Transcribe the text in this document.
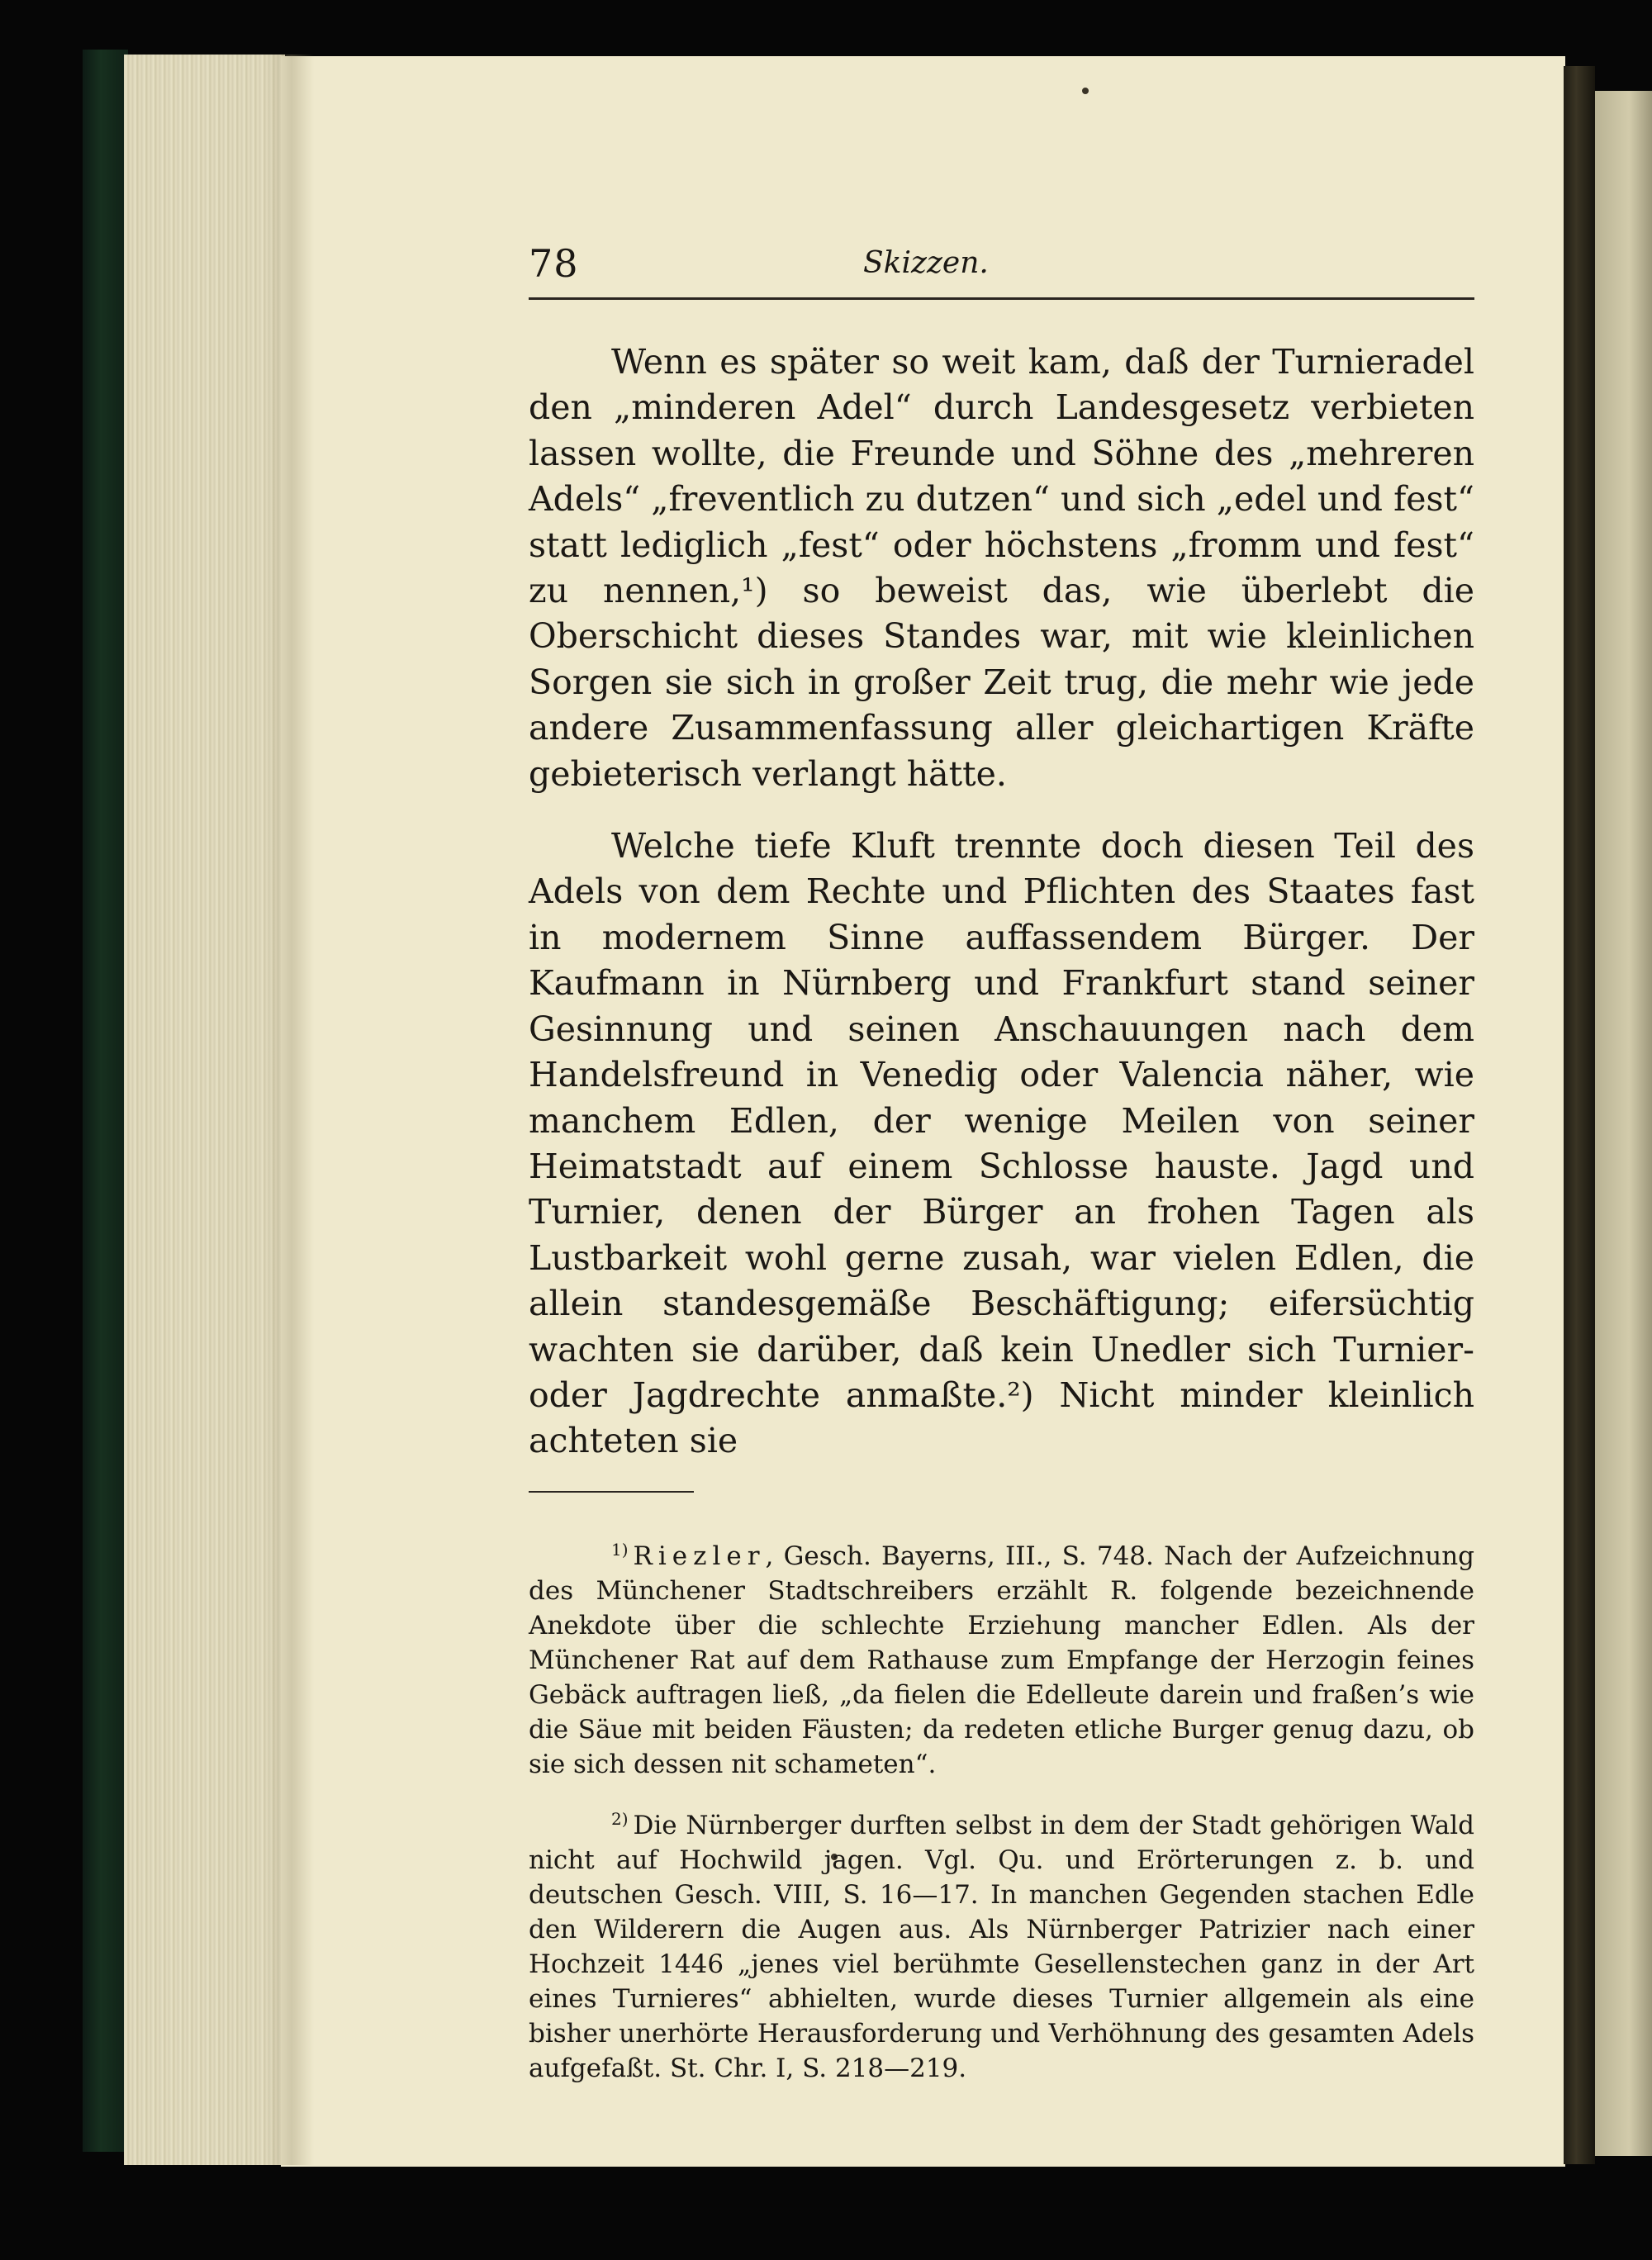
78	Skizzen.

Wenn es später so weit kam, daß der Turnieradel den „minderen Adel“ durch Landesgesetz verbieten lassen wollte, die Freunde und Söhne des „mehreren Adels“ „freventlich zu dutzen“ und sich „edel und fest“ statt lediglich „fest“ oder höchstens „fromm und fest“ zu nennen,¹) so beweist das, wie überlebt die Oberschicht dieses Standes war, mit wie kleinlichen Sorgen sie sich in großer Zeit trug, die mehr wie jede andere Zusammenfassung aller gleichartigen Kräfte gebieterisch verlangt hätte.

Welche tiefe Kluft trennte doch diesen Teil des Adels von dem Rechte und Pflichten des Staates fast in modernem Sinne auffassendem Bürger. Der Kaufmann in Nürnberg und Frankfurt stand seiner Gesinnung und seinen Anschauungen nach dem Handelsfreund in Venedig oder Valencia näher, wie manchem Edlen, der wenige Meilen von seiner Heimatstadt auf einem Schlosse hauste. Jagd und Turnier, denen der Bürger an frohen Tagen als Lustbarkeit wohl gerne zusah, war vielen Edlen, die allein standesgemäße Beschäftigung; eifersüchtig wachten sie darüber, daß kein Unedler sich Turnier- oder Jagdrechte anmaßte.²) Nicht minder kleinlich achteten sie

$^{1)}$ Riezler, Gesch. Bayerns, III., S. 748. Nach der Aufzeichnung des Münchener Stadtschreibers erzählt R. folgende bezeichnende Anekdote über die schlechte Erziehung mancher Edlen. Als der Münchener Rat auf dem Rathause zum Empfange der Herzogin feines Gebäck auftragen ließ, „da fielen die Edelleute darein und fraßen’s wie die Säue mit beiden Fäusten; da redeten etliche Burger genug dazu, ob sie sich dessen nit schameten“.

$^{2)}$ Die Nürnberger durften selbst in dem der Stadt gehörigen Wald nicht auf Hochwild jagen. Vgl. Qu. und Erörterungen z. b. und deutschen Gesch. VIII, S. 16—17. In manchen Gegenden stachen Edle den Wilderern die Augen aus. Als Nürnberger Patrizier nach einer Hochzeit 1446 „jenes viel berühmte Gesellenstechen ganz in der Art eines Turnieres“ abhielten, wurde dieses Turnier allgemein als eine bisher unerhörte Herausforderung und Verhöhnung des gesamten Adels aufgefaßt. St. Chr. I, S. 218—219.
